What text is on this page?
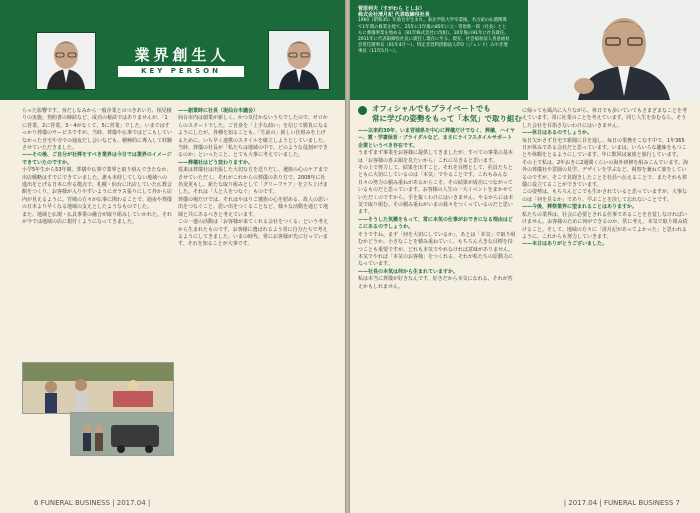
業界創生人
KEY PERSON

らった影響です。身だしなみから一般企業とのつきあい方、相見積りの実施、契約書の締結など、成功の秘訣ではありませんが、「1に営業、2に営業、3・4がなくて、5に営業」でした。いまではすっかり葬儀のサービスですが、当時、葬儀や仏事ではどこもしていなかった自宅や寺での通夜だし会いなども、積極的に導入して経験させていただきました。

——その後、ご自分が社葬をすべき業界は今日では業界のイメージできていたのですか。

小学5年生から53年間、葬儀や仏事で業界と取り組んできたなか、出店戦略はすでにできていました。誰も未経してしない地域への進出をとげる日本に作る拠点で、札幌・仙台に出店していた仏教会館をつくり、お客様が入りやすいようにガラス張りにして外から店内が見えるように。宮城の方々が仏事に関わることで、通夜や葬儀の日本より早くなる地域の支えとしたようなものでした。

また、地域と仏壇・仏具事業の融合が取り組みしていかれた。それが今では地域の店に根付くようになってきました。

——創業時に社長（現仙台市議会）

仙台市内は創業が新しく、かつ気付かないうちでしたので、ゼロからのスタートでした。ご自身を「上手な曲い」を信じて勝負になるようにしたが、各種を知ることも、「生前の」新しい仕組みを上げるために、いち早く連携のスタイルを確立しようとしていました。当時、葬儀の社長が「私たちは地域の中で、どのような役割ができるのか」といったこと、とても大事に考えていました。

——葬儀社はどう変わりますか。

従来は葬儀社は出張した大切な方を送りだし、遺族の心のケアまでさせていただく、それがこれからの葬儀のあり方で、2008年に社名変更もし、新たな取り組みとして「グリーフケア」を立ち上げました。それは「人と人をつなぐ」ものです。

葬儀の場だけでは、それはやはりご遺族の心を慰める、故人の思い出をつなぐこと、思い出をつくることなど、様々な活動を通じて地域と共にあるべきと考えています。

この一連の活動は「お客様が来てくれる会社をつくる」という考えから生まれたものです。お客様に選ばれるよう常に自分たちで考えるようにしてきました。いまの時代、常にお客様が先に行っています。それを知ることが大事です。

6 FUNERAL BUSINESS | 2017.04 |
菅原利夫（すがわら としお）
株式会社清月記 代表取締役社長
1960（昭和35）年仙台市生まれ。東北学院大学卒業後、名古屋の仏壇関係で1年間の修業を経て、25年に1年後の85年に父・菅原新一郎（社長）とともに葬儀事業を始める（81年株式会社に改組）。10年後の91年に社長就任。2011年に代表取締役社長に就任し現在に至る。現在、社会福祉法人善意福祉会常任理事長（01年4月〜）、特定非営利活動法人ITO（ジェンド）みやぎ理事長（11年5月〜）。
オフィシャルでもプライベートでも
常に学びの姿勢をもって「本気」で取り組む

——以来約30年、いま宮城県を中心に葬儀だけでなく、葬儀、ハイヤー、霊・学書保育・ブライダルなど、まさにライフスタイルサポート企業というべき存在です。

うまずまず事業をお客様に提供してきましたが、すべての事業の基本は「お客様の喜ぶ顔を見たいから」これに尽きると思います。

その上で努力して、結果を出すこと。それを目標として、社員たちとともに大切にしているのは「本気」でやることです。これもみんな日々の努力の積み重ねがあるからこそ、その結果が成功につながっているものだと思っています。お客様の人生の一大イベントをまかせていただくのですから、手を抜くわけにはいきません。やるからには本気で取り組む。その積み重ねがいまの我々をつくっているのだと思います。

——そうした気概をもって、常に本気の仕事がおできになる理由はどこにあるのでしょうか。

そうですね、まず「何を大切にしているか」。あとは「本気」で取り組むかどうか。小さなことを積み重ねていく、もちろん大きな目標を持つことも重要ですが、どれも本気でやれなければ意味がありません。本気でやれば「本気のお客様」をつくれる、それが私たちの原動力になっています。

——社長の本気は何から生まれていますか。

私は本当に葬儀が好きなんです。好きだから本気になれる、それが答えかもしれません。

に帰っても風呂に入りながら、休日でも歩いていてもさまざまなことを考えています。常に社業のことを考えています。同じ人生を歩むなら、そうした会社を目指さないわけにはいきません。

——休日はあるのでしょうか。

毎日欠かさず自宅で新聞に目を通し、毎日の業務をこなす中で、1年365日が休みである会社だと思っています。いまは、いろいろな趣味をもつことや休暇をとるようにしています。年に数回は家族と旅行しています。

その上で私は、2年おきに2週間くらいの海外研修を組みこんでいます。海外の葬儀社や霊園の見学、デザインを学ぶなど、視察を兼ねて旅をしているのですが、そこで見聞きしたことを社員へ伝えることで、またそれも葬儀に役立てることができています。

この姿勢は、もちろんどこでも生かされていると思っていますが、大事なのは「何を見るか」であり、学ぶことを決して忘れないことです。

——今後、葬祭業界に望まれることはありますか。

私たちの業界は、社会に必要とされる仕事であることを自覚しなければいけません。お客様のために何ができるのか、常に考え、本気で取り組み続けること。そして、地域の方々に「清月記があってよかった」と思われるように、これからも努力していきます。

——本日はありがとうございました。

| 2017.04 | FUNERAL BUSINESS 7
